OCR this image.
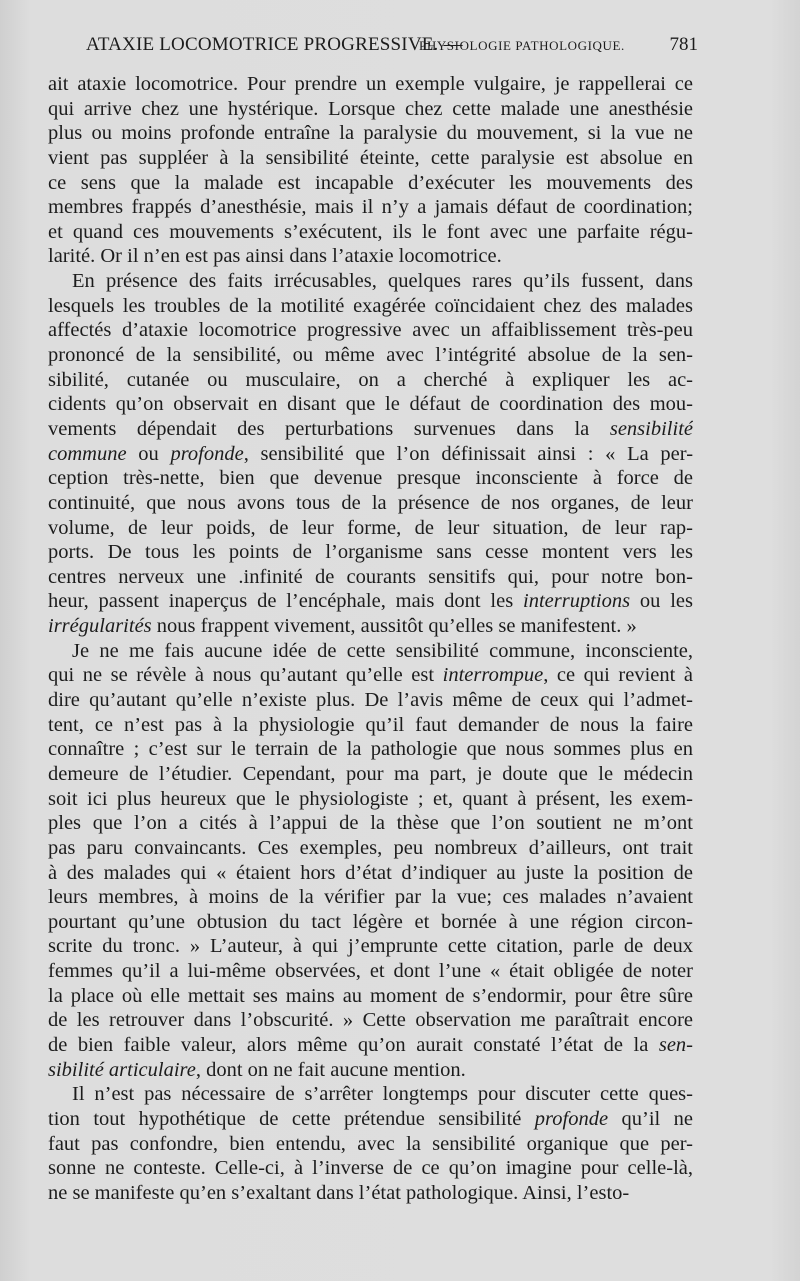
ATAXIE LOCOMOTRICE PROGRESSIVE. —
PHYSIOLOGIE PATHOLOGIQUE. 781
ait ataxie locomotrice. Pour prendre un exemple vulgaire, je rappellerai ce
qui arrive chez une hystérique. Lorsque chez cette malade une anesthésie
plus ou moins profonde entraîne la paralysie du mouvement, si la vue ne
vient pas suppléer à la sensibilité éteinte, cette paralysie est absolue en
ce sens que la malade est incapable d’exécuter les mouvements des
membres frappés d’anesthésie, mais il n’y a jamais défaut de coordination;
et quand ces mouvements s’exécutent, ils le font avec une parfaite régu-
larité. Or il n’en est pas ainsi dans l’ataxie locomotrice.
En présence des faits irrécusables, quelques rares qu’ils fussent, dans
lesquels les troubles de la motilité exagérée coïncidaient chez des malades
affectés d’ataxie locomotrice progressive avec un affaiblissement très-peu
prononcé de la sensibilité, ou même avec l’intégrité absolue de la sen-
sibilité, cutanée ou musculaire, on a cherché à expliquer les ac-
cidents qu’on observait en disant que le défaut de coordination des mou-
vements dépendait des perturbations survenues dans la sensibilité
commune ou profonde, sensibilité que l’on définissait ainsi : « La per-
ception très-nette, bien que devenue presque inconsciente à force de
continuité, que nous avons tous de la présence de nos organes, de leur
volume, de leur poids, de leur forme, de leur situation, de leur rap-
ports. De tous les points de l’organisme sans cesse montent vers les
centres nerveux une .infinité de courants sensitifs qui, pour notre bon-
heur, passent inaperçus de l’encéphale, mais dont les interruptions ou les
irrégularités nous frappent vivement, aussitôt qu’elles se manifestent. »
Je ne me fais aucune idée de cette sensibilité commune, inconsciente,
qui ne se révèle à nous qu’autant qu’elle est interrompue, ce qui revient à
dire qu’autant qu’elle n’existe plus. De l’avis même de ceux qui l’admet-
tent, ce n’est pas à la physiologie qu’il faut demander de nous la faire
connaître ; c’est sur le terrain de la pathologie que nous sommes plus en
demeure de l’étudier. Cependant, pour ma part, je doute que le médecin
soit ici plus heureux que le physiologiste ; et, quant à présent, les exem-
ples que l’on a cités à l’appui de la thèse que l’on soutient ne m’ont
pas paru convaincants. Ces exemples, peu nombreux d’ailleurs, ont trait
à des malades qui « étaient hors d’état d’indiquer au juste la position de
leurs membres, à moins de la vérifier par la vue; ces malades n’avaient
pourtant qu’une obtusion du tact légère et bornée à une région circon-
scrite du tronc. » L’auteur, à qui j’emprunte cette citation, parle de deux
femmes qu’il a lui-même observées, et dont l’une « était obligée de noter
la place où elle mettait ses mains au moment de s’endormir, pour être sûre
de les retrouver dans l’obscurité. » Cette observation me paraîtrait encore
de bien faible valeur, alors même qu’on aurait constaté l’état de la sen-
sibilité articulaire, dont on ne fait aucune mention.
Il n’est pas nécessaire de s’arrêter longtemps pour discuter cette ques-
tion tout hypothétique de cette prétendue sensibilité profonde qu’il ne
faut pas confondre, bien entendu, avec la sensibilité organique que per-
sonne ne conteste. Celle-ci, à l’inverse de ce qu’on imagine pour celle-là,
ne se manifeste qu’en s’exaltant dans l’état pathologique. Ainsi, l’esto-
